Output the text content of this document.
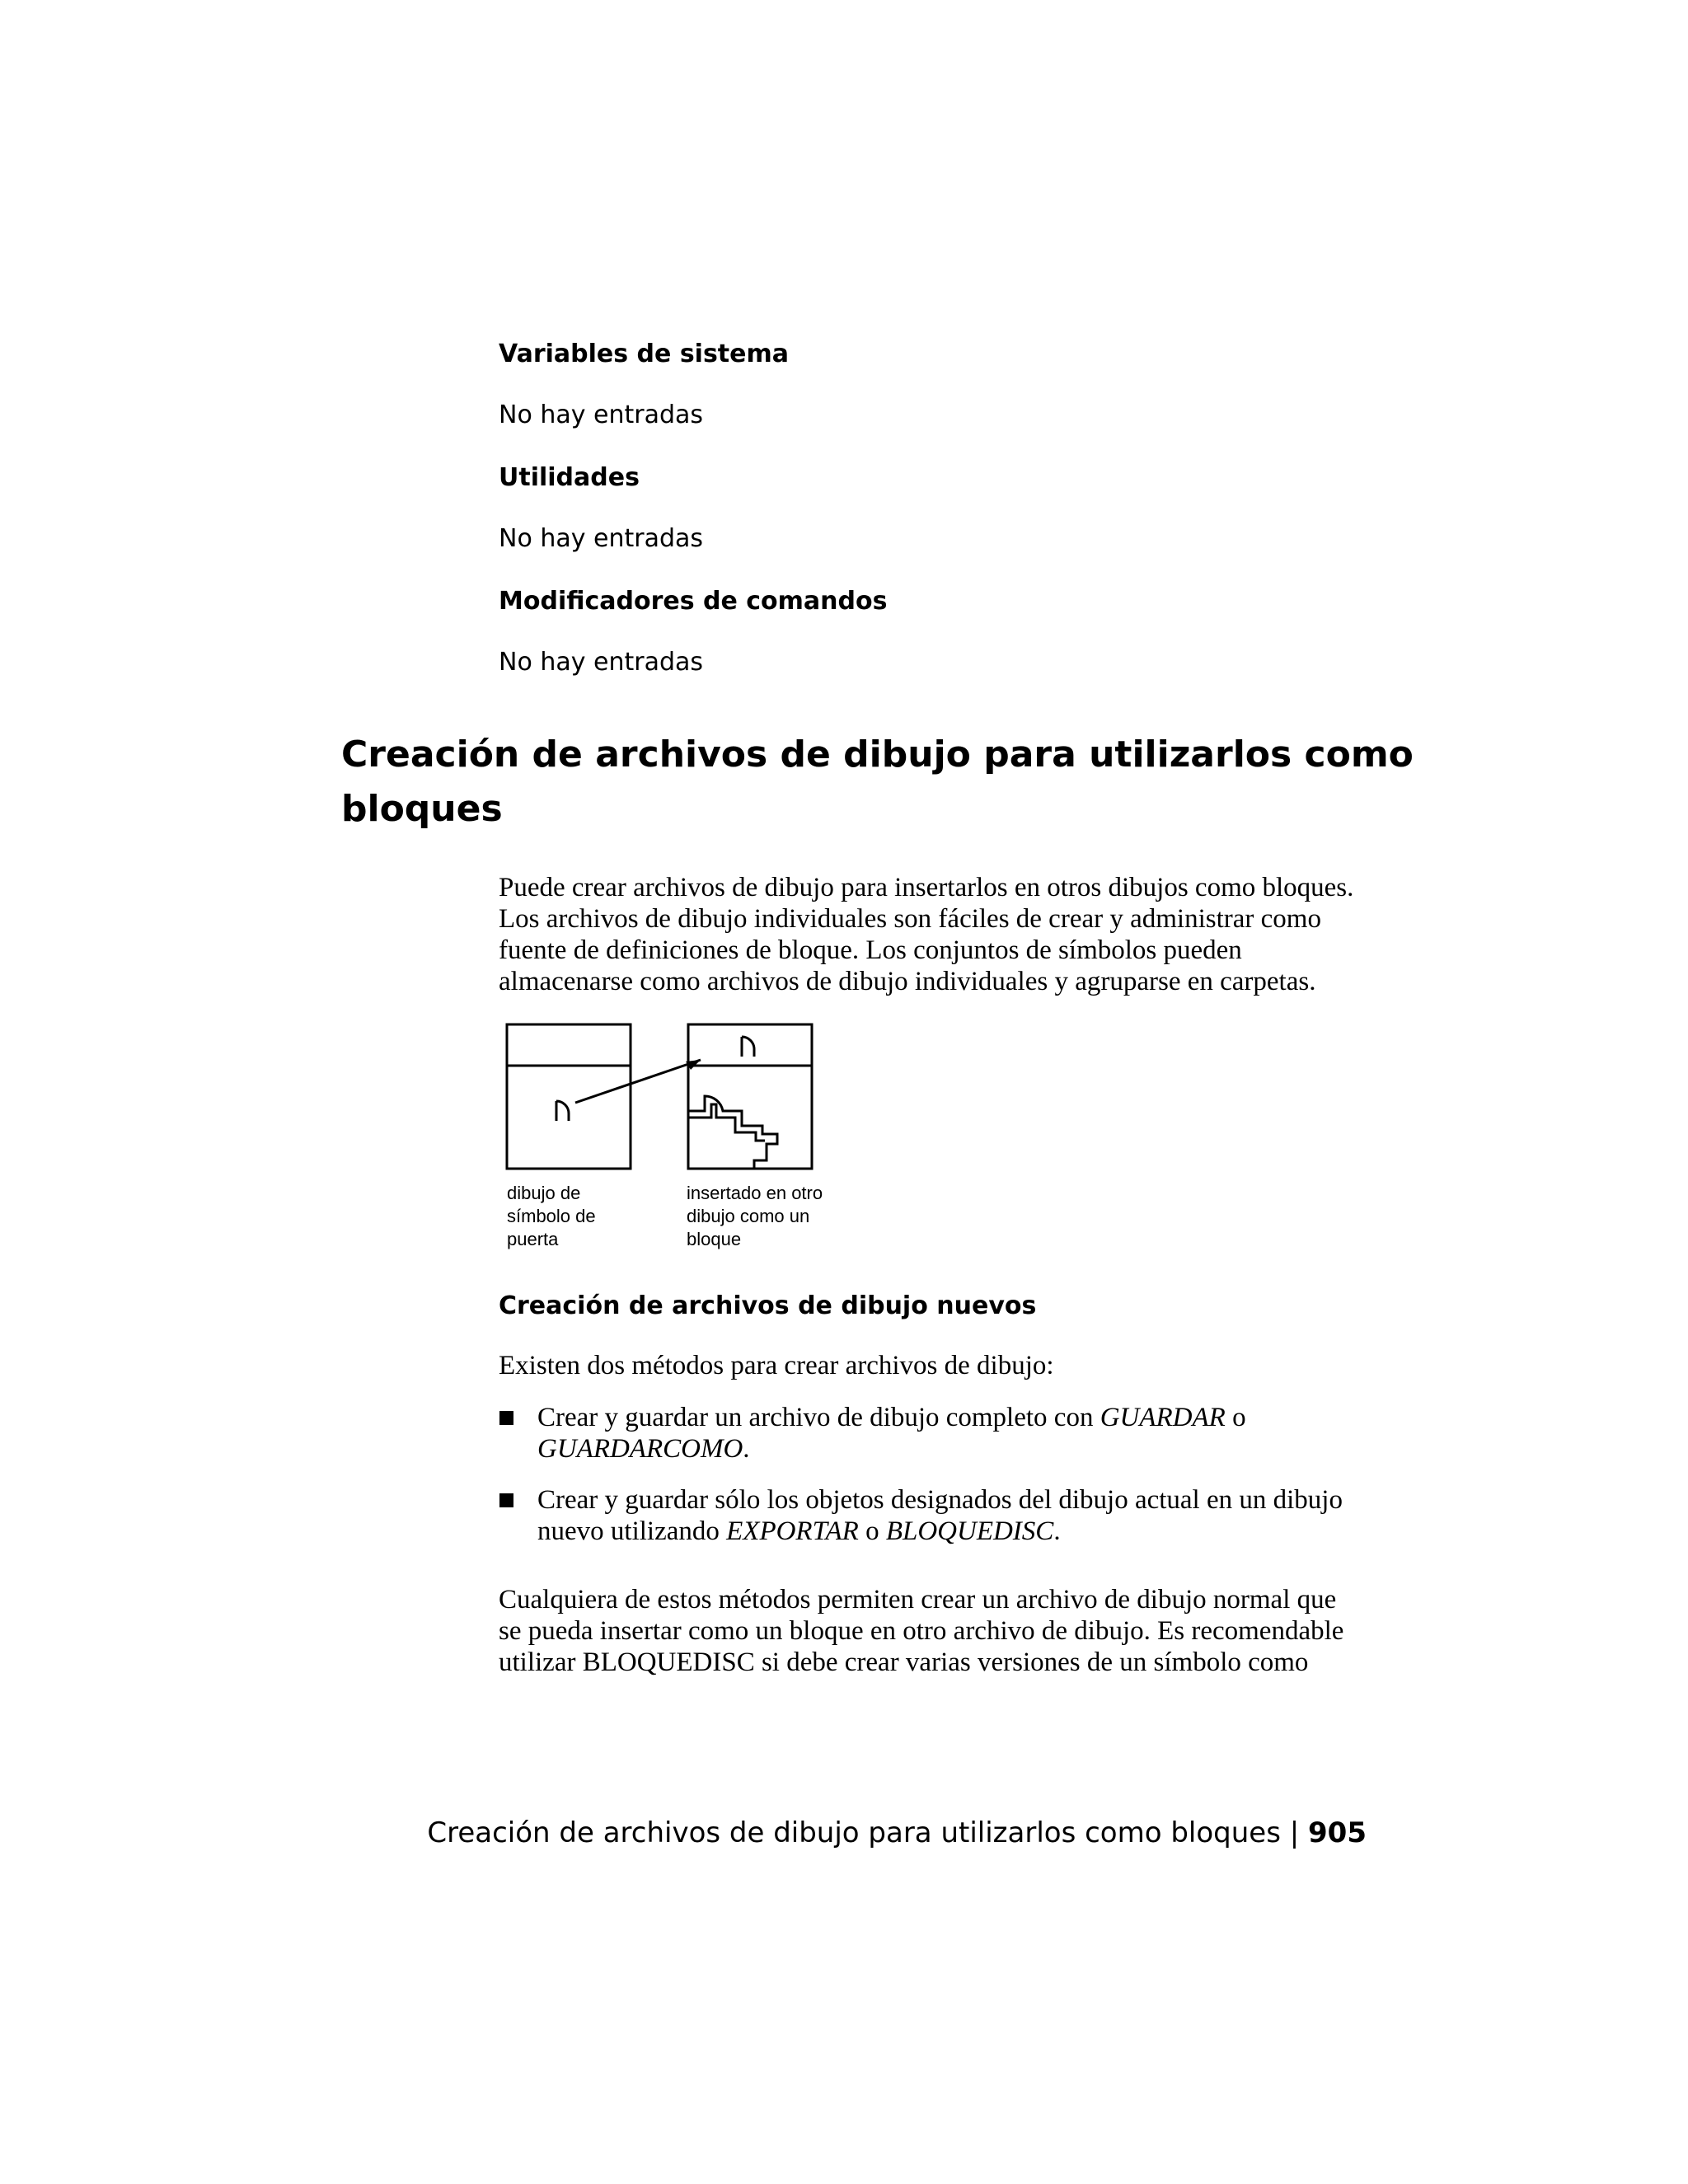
Variables de sistema
No hay entradas
Utilidades
No hay entradas
Modificadores de comandos
No hay entradas
Creación de archivos de dibujo para utilizarlos como
bloques
Puede crear archivos de dibujo para insertarlos en otros dibujos como bloques.
Los archivos de dibujo individuales son fáciles de crear y administrar como
fuente de definiciones de bloque. Los conjuntos de símbolos pueden
almacenarse como archivos de dibujo individuales y agruparse en carpetas.
dibujo de
símbolo de
puerta
insertado en otro
dibujo como un
bloque
Creación de archivos de dibujo nuevos
Existen dos métodos para crear archivos de dibujo:
Crear y guardar un archivo de dibujo completo con GUARDAR o
GUARDARCOMO.
Crear y guardar sólo los objetos designados del dibujo actual en un dibujo
nuevo utilizando EXPORTAR o BLOQUEDISC.
Cualquiera de estos métodos permiten crear un archivo de dibujo normal que
se pueda insertar como un bloque en otro archivo de dibujo. Es recomendable
utilizar BLOQUEDISC si debe crear varias versiones de un símbolo como
Creación de archivos de dibujo para utilizarlos como bloques | 905
